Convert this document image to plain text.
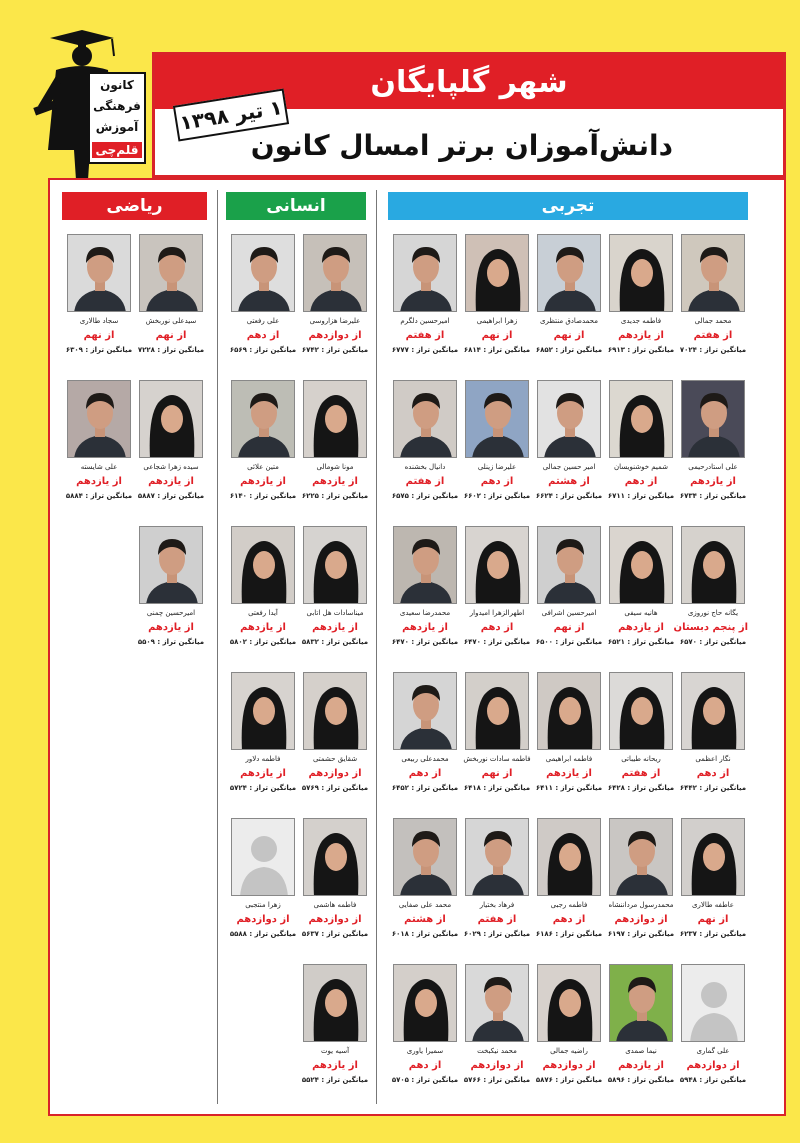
کانون
فرهنگی
آموزش
قلم‌چی
شهر گلپایگان
دانش‌آموزان برتر امسال کانون
۱ تیر ۱۳۹۸
تجربی
انسانی
ریاضی
محمد جمالی
از هفتم
میانگین تراز : ۷۰۲۴
فاطمه جدیدی
از یازدهم
میانگین تراز : ۶۹۱۳
محمدصادق منتظری
از نهم
میانگین تراز : ۶۸۵۲
زهرا ابراهیمی
از نهم
میانگین تراز : ۶۸۱۴
امیرحسین دلگرم
از هفتم
میانگین تراز : ۶۷۷۷
علی استادرحیمی
از یازدهم
میانگین تراز : ۶۷۳۴
شمیم خوشنویسان
از دهم
میانگین تراز : ۶۷۱۱
امیر حسین جمالی
از هشتم
میانگین تراز : ۶۶۲۴
علیرضا زینلی
از دهم
میانگین تراز : ۶۶۰۲
دانیال بخشنده
از هفتم
میانگین تراز : ۶۵۷۵
یگانه حاج نوروزی
از پنجم دبستان
میانگین تراز : ۶۵۷۰
هانیه سیفی
از یازدهم
میانگین تراز : ۶۵۲۱
امیرحسین اشرافی
از نهم
میانگین تراز : ۶۵۰۰
اطهرالزهرا امیدوار
از دهم
میانگین تراز : ۶۴۷۰
محمدرضا سعیدی
از یازدهم
میانگین تراز : ۶۴۷۰
نگار اعظمی
از دهم
میانگین تراز : ۶۴۴۲
ریحانه طیباتی
از هفتم
میانگین تراز : ۶۴۲۸
فاطمه ابراهیمی
از یازدهم
میانگین تراز : ۶۴۱۱
فاطمه سادات نوربخش
از نهم
میانگین تراز : ۶۴۱۸
محمدعلی ربیعی
از دهم
میانگین تراز : ۶۴۵۲
عاطفه طالاری
از نهم
میانگین تراز : ۶۲۳۷
محمدرسول مرداننشاه
از دوازدهم
میانگین تراز : ۶۱۹۷
فاطمه رجبی
از دهم
میانگین تراز : ۶۱۸۶
فرهاد بختیار
از هفتم
میانگین تراز : ۶۰۲۹
محمد علی صفایی
از هشتم
میانگین تراز : ۶۰۱۸
علی گماری
از دوازدهم
میانگین تراز : ۵۹۴۸
نیما صمدی
از یازدهم
میانگین تراز : ۵۸۹۶
راضیه جمالی
از دوازدهم
میانگین تراز : ۵۸۷۶
محمد نیکبخت
از دوازدهم
میانگین تراز : ۵۷۶۶
سمیرا یاوری
از دهم
میانگین تراز : ۵۷۰۵
علیرضا هزاروسی
از دوازدهم
میانگین تراز : ۶۷۴۲
علی رفعتی
از دهم
میانگین تراز : ۶۵۶۹
مونا شومالی
از یازدهم
میانگین تراز : ۶۲۲۵
متین علائی
از یازدهم
میانگین تراز : ۶۱۴۰
میناسادات هل اتابی
از یازدهم
میانگین تراز : ۵۸۳۲
آیدا رفعتی
از یازدهم
میانگین تراز : ۵۸۰۲
شقایق حشمتی
از دوازدهم
میانگین تراز : ۵۷۶۹
فاطمه دلاور
از یازدهم
میانگین تراز : ۵۷۲۴
فاطمه هاشمی
از دوازدهم
میانگین تراز : ۵۶۳۷
زهرا منتجبی
از دوازدهم
میانگین تراز : ۵۵۸۸
آسیه یوت
از یازدهم
میانگین تراز : ۵۵۲۴
سیدعلی نوربخش
از نهم
میانگین تراز : ۷۲۲۸
سجاد طالاری
از نهم
میانگین تراز : ۶۳۰۹
سیده زهرا شجاعی
از یازدهم
میانگین تراز : ۵۸۸۷
علی شایسته
از یازدهم
میانگین تراز : ۵۸۸۴
امیرحسین چمنی
از یازدهم
میانگین تراز : ۵۵۰۹
